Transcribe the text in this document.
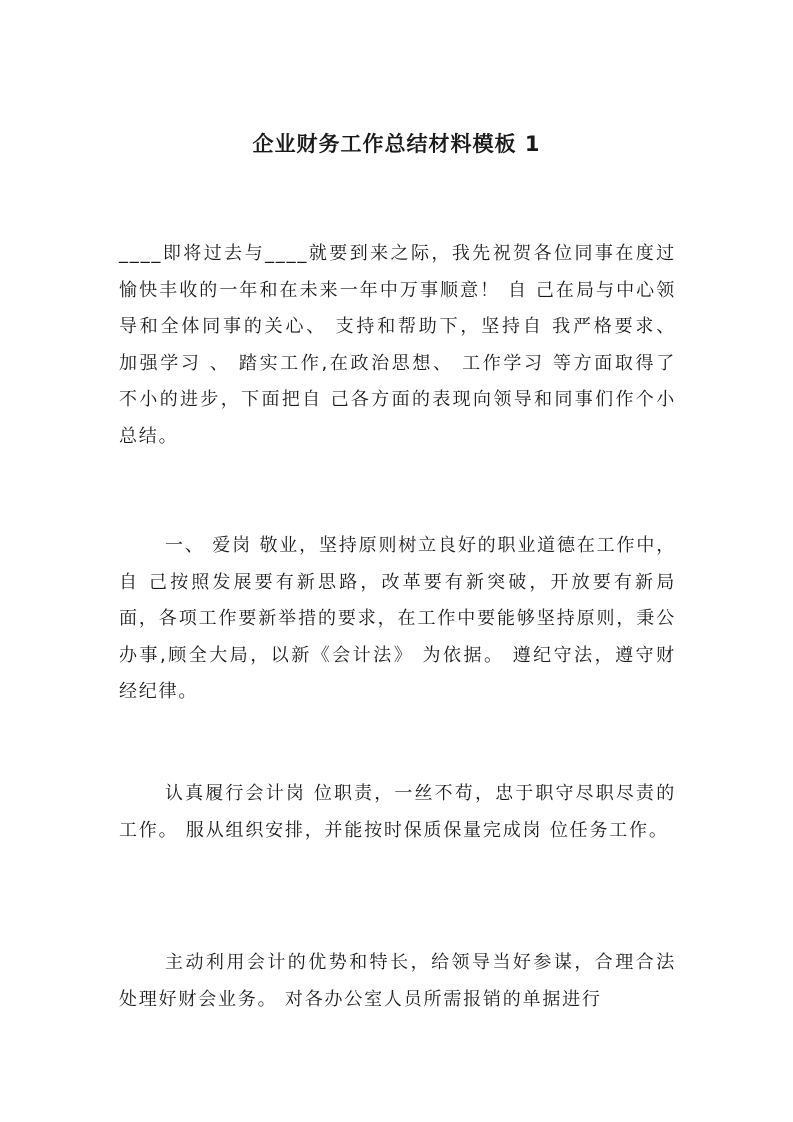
企业财务工作总结材料模板 1

____即将过去与____就要到来之际，我先祝贺各位同事在度过愉快丰收的一年和在未来一年中万事顺意！ 自 己在局与中心领导和全体同事的关心、 支持和帮助下，坚持自 我严格要求、 加强学习 、 踏实工作,在政治思想、 工作学习 等方面取得了 不小的进步，下面把自 己各方面的表现向领导和同事们作个小总结。

一、 爱岗 敬业，坚持原则树立良好的职业道德在工作中，自 己按照发展要有新思路，改革要有新突破，开放要有新局面，各项工作要新举措的要求，在工作中要能够坚持原则，秉公办事,顾全大局，以新《会计法》 为依据。 遵纪守法，遵守财经纪律。

认真履行会计岗 位职责，一丝不苟，忠于职守尽职尽责的工作。 服从组织安排，并能按时保质保量完成岗 位任务工作。

主动利用会计的优势和特长，给领导当好参谋，合理合法处理好财会业务。 对各办公室人员所需报销的单据进行
